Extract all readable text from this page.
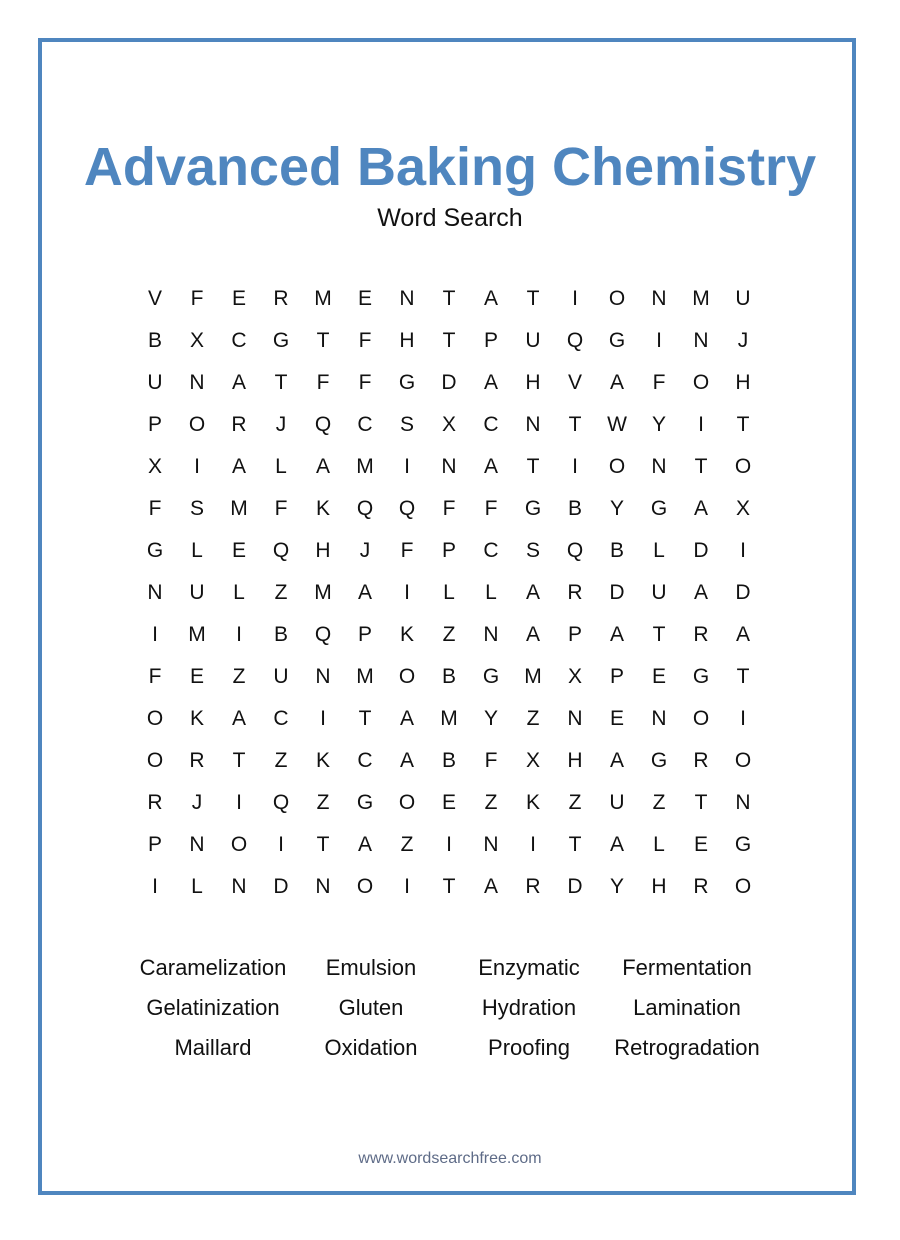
Advanced Baking Chemistry
Word Search
V	F	E	R	M	E	N	T	A	T	I	O	N	M	U
B	X	C	G	T	F	H	T	P	U	Q	G	I	N	J
U	N	A	T	F	F	G	D	A	H	V	A	F	O	H
P	O	R	J	Q	C	S	X	C	N	T	W	Y	I	T
X	I	A	L	A	M	I	N	A	T	I	O	N	T	O
F	S	M	F	K	Q	Q	F	F	G	B	Y	G	A	X
G	L	E	Q	H	J	F	P	C	S	Q	B	L	D	I
N	U	L	Z	M	A	I	L	L	A	R	D	U	A	D
I	M	I	B	Q	P	K	Z	N	A	P	A	T	R	A
F	E	Z	U	N	M	O	B	G	M	X	P	E	G	T
O	K	A	C	I	T	A	M	Y	Z	N	E	N	O	I
O	R	T	Z	K	C	A	B	F	X	H	A	G	R	O
R	J	I	Q	Z	G	O	E	Z	K	Z	U	Z	T	N
P	N	O	I	T	A	Z	I	N	I	T	A	L	E	G
I	L	N	D	N	O	I	T	A	R	D	Y	H	R	O
Caramelization	Emulsion	Enzymatic	Fermentation
Gelatinization	Gluten	Hydration	Lamination
Maillard	Oxidation	Proofing	Retrogradation
www.wordsearchfree.com
